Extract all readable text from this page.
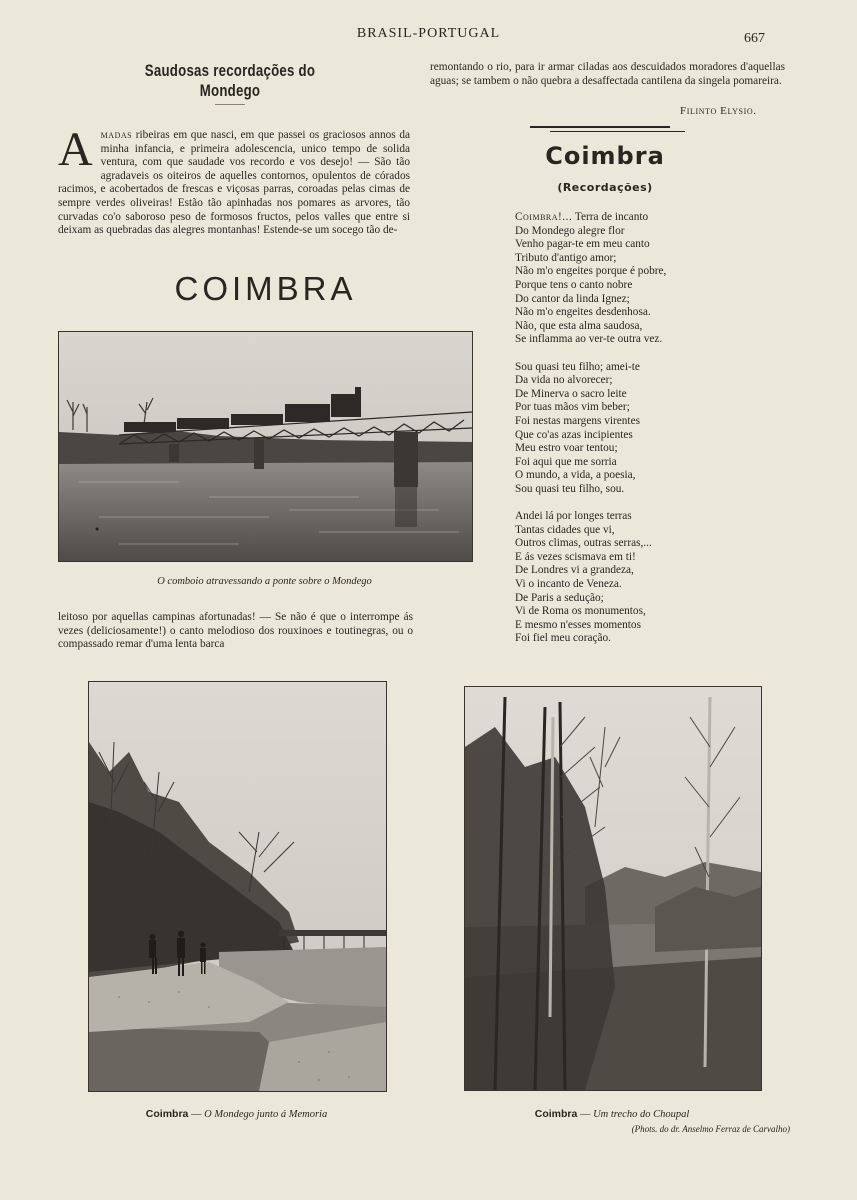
BRASIL-PORTUGAL	667
Saudosas recordações do Mondego
Amadas ribeiras em que nasci, em que passei os graciosos annos da minha infancia, e primeira adolescencia, unico tempo de solida ventura, com que saudade vos recordo e vos desejo! — São tão agradaveis os oiteiros de aquelles contornos, opulentos de córados racimos, e acobertados de frescas e viçosas parras, coroadas pelas cimas de sempre verdes oliveiras! Estão tão apinhadas nos pomares as arvores, tão curvadas co'o saboroso peso de formosos fructos, pelos valles que entre si deixam as quebradas das alegres montanhas! Estende-se um socego tão de-
COIMBRA
O comboio atravessando a ponte sobre o Mondego
leitoso por aquellas campinas afortunadas! — Se não é que o interrompe ás vezes (deliciosamente!) o canto melodioso dos rouxinoes e toutinegras, ou o compassado remar d'uma lenta barca
remontando o rio, para ir armar ciladas aos descuidados moradores d'aquellas aguas; se tambem o não quebra a desaffectada cantilena da singela pomareira.
Filinto Elysio.
Coimbra
(Recordações)
Coimbra!... Terra de incanto
Do Mondego alegre flor
Venho pagar-te em meu canto
Tributo d'antigo amor;
Não m'o engeites porque é pobre,
Porque tens o canto nobre
Do cantor da linda Ignez;
Não m'o engeites desdenhosa.
Não, que esta alma saudosa,
Se inflamma ao ver-te outra vez.
Sou quasi teu filho; amei-te
Da vida no alvorecer;
De Minerva o sacro leite
Por tuas mãos vim beber;
Foi nestas margens virentes
Que co'as azas incipientes
Meu estro voar tentou;
Foi aqui que me sorria
O mundo, a vida, a poesia,
Sou quasi teu filho, sou.
Andei lá por longes terras
Tantas cidades que vi,
Outros climas, outras serras,...
E ás vezes scismava em ti!
De Londres vi a grandeza,
Vi o incanto de Veneza.
De Paris a sedução;
Vi de Roma os monumentos,
E mesmo n'esses momentos
Foi fiel meu coração.
Coimbra — O Mondego junto á Memoria	Coimbra — Um trecho do Choupal
(Phots. do dr. Anselmo Ferraz de Carvalho)
